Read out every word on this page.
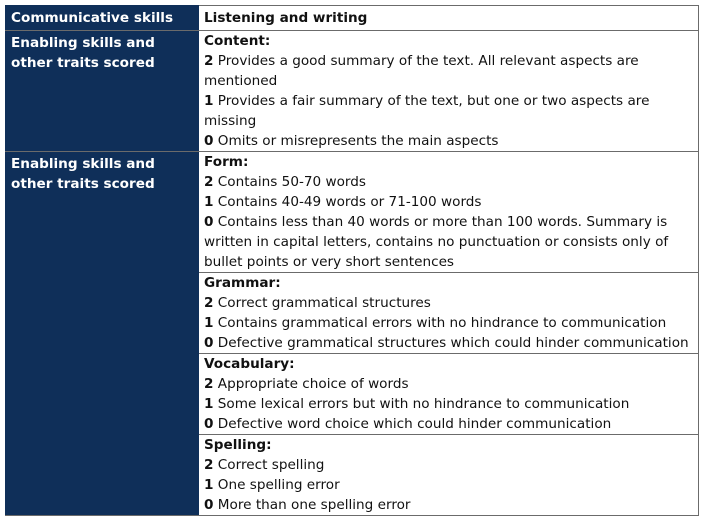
Communicative skills	Listening and writing
Enabling skills and other traits scored	Content:
2 Provides a good summary of the text. All relevant aspects are mentioned
1 Provides a fair summary of the text, but one or two aspects are missing
0 Omits or misrepresents the main aspects

Enabling skills and other traits scored	Form:
2 Contains 50-70 words
1 Contains 40-49 words or 71-100 words
0 Contains less than 40 words or more than 100 words. Summary is written in capital letters, contains no punctuation or consists only of bullet points or very short sentences

	Grammar:
2 Correct grammatical structures
1 Contains grammatical errors with no hindrance to communication
0 Defective grammatical structures which could hinder communication

	Vocabulary:
2 Appropriate choice of words
1 Some lexical errors but with no hindrance to communication
0 Defective word choice which could hinder communication

	Spelling:
2 Correct spelling
1 One spelling error
0 More than one spelling error
